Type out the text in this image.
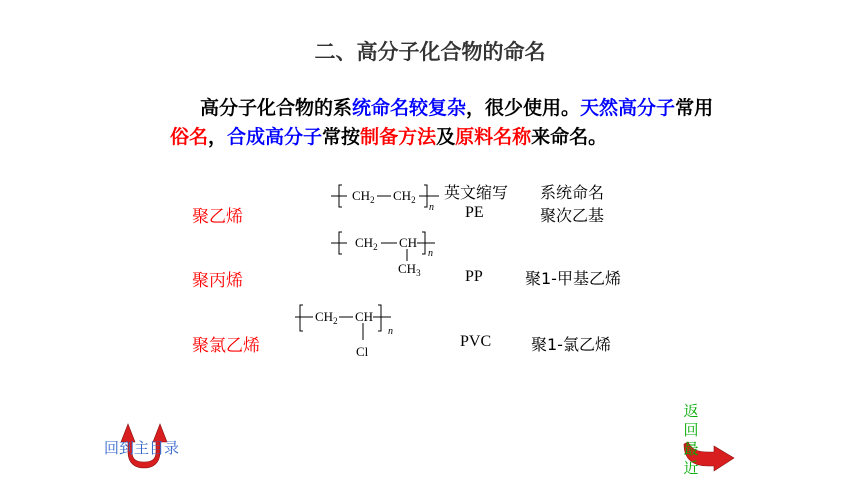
二、高分子化合物的命名
高分子化合物的系统命名较复杂，很少使用。天然高分子常用俗名，合成高分子常按制备方法及原料名称来命名。
英文缩写 系统命名
聚乙烯	PE	聚次乙基
$CH_2$ $CH_2$
n
聚丙烯	PP	聚1-甲基乙烯
$CH_2$ CH
n
$CH_3$
聚氯乙烯	PVC 聚1-氯乙烯
$CH_2$ CH
n
Cl
回到主目录
返回最近
